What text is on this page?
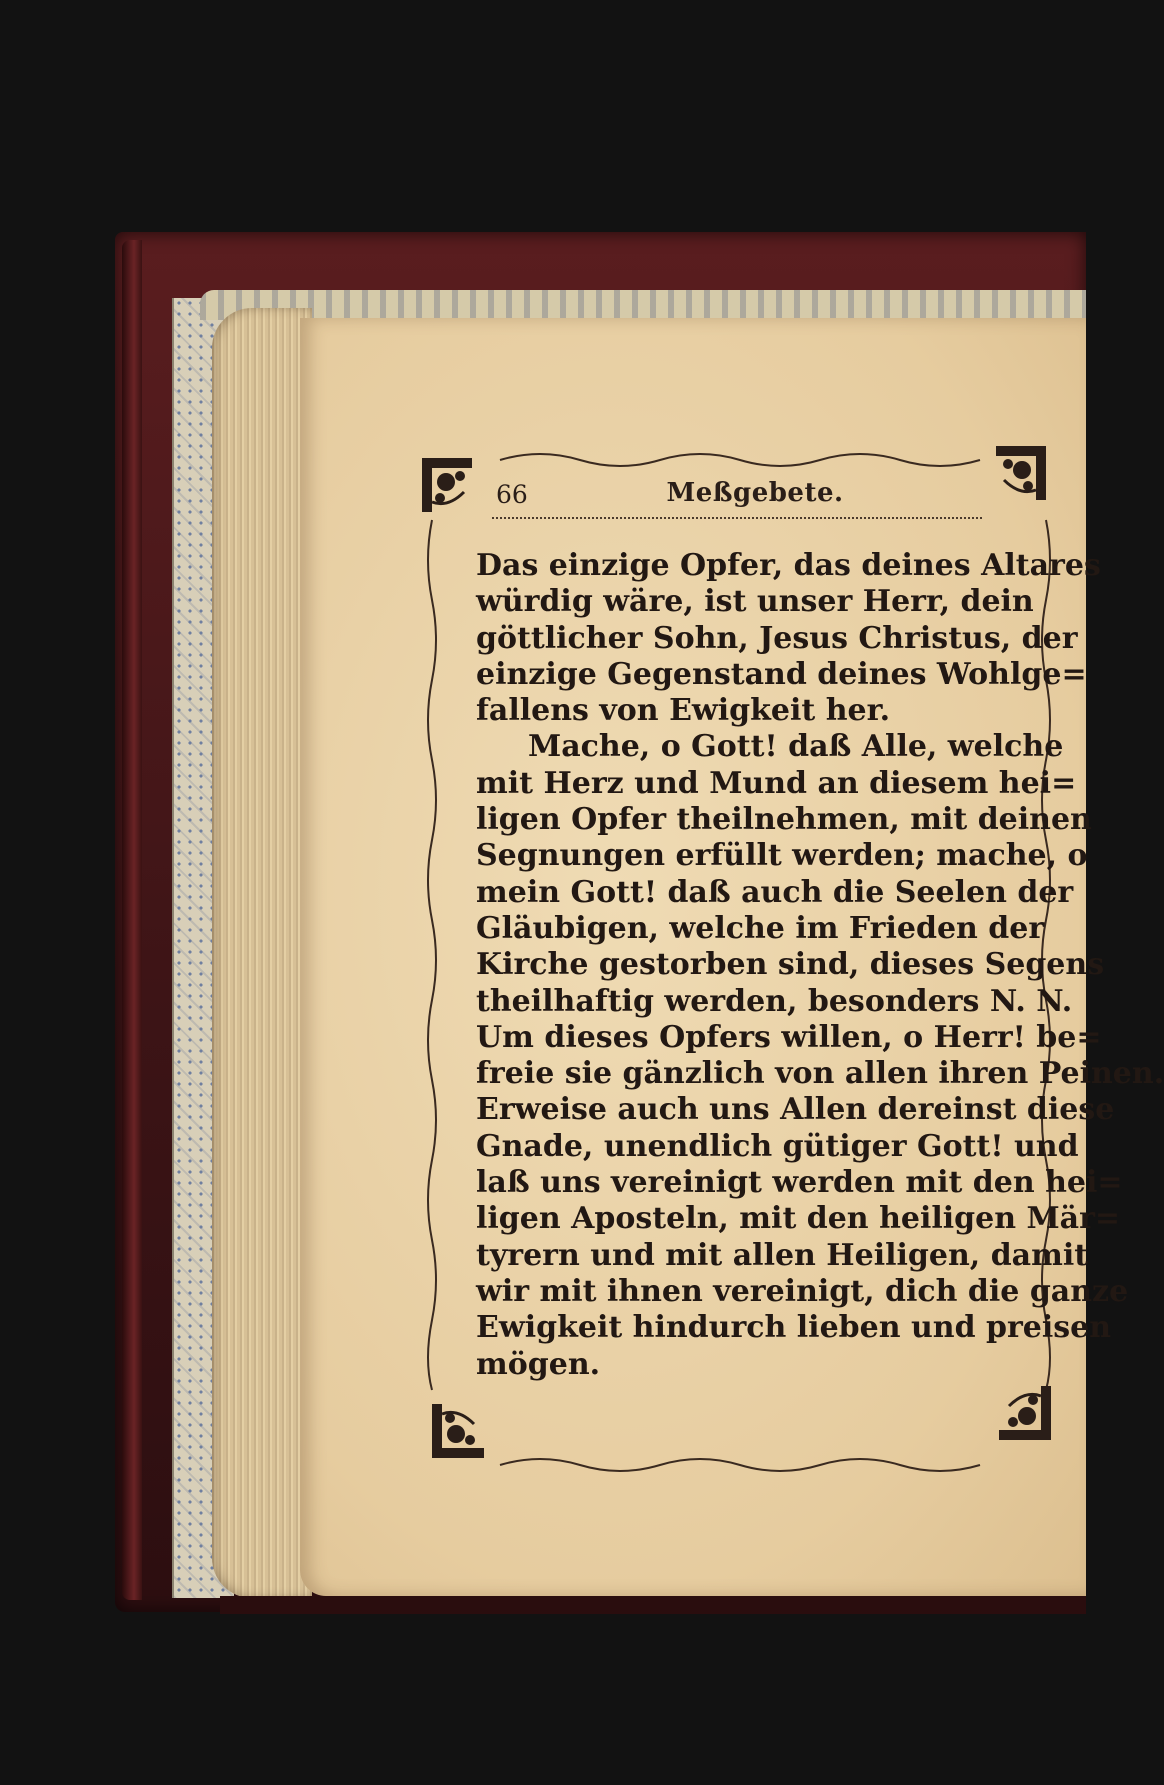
66	Meßgebete.
Das einzige Opfer, das deines Altares
würdig wäre, ist unser Herr, dein
göttlicher Sohn, Jesus Christus, der
einzige Gegenstand deines Wohlge=
fallens von Ewigkeit her.
Mache, o Gott! daß Alle, welche
mit Herz und Mund an diesem hei=
ligen Opfer theilnehmen, mit deinen
Segnungen erfüllt werden; mache, o
mein Gott! daß auch die Seelen der
Gläubigen, welche im Frieden der
Kirche gestorben sind, dieses Segens
theilhaftig werden, besonders N. N.
Um dieses Opfers willen, o Herr! be=
freie sie gänzlich von allen ihren Peinen.
Erweise auch uns Allen dereinst diese
Gnade, unendlich gütiger Gott! und
laß uns vereinigt werden mit den hei=
ligen Aposteln, mit den heiligen Mär=
tyrern und mit allen Heiligen, damit
wir mit ihnen vereinigt, dich die ganze
Ewigkeit hindurch lieben und preisen
mögen.
